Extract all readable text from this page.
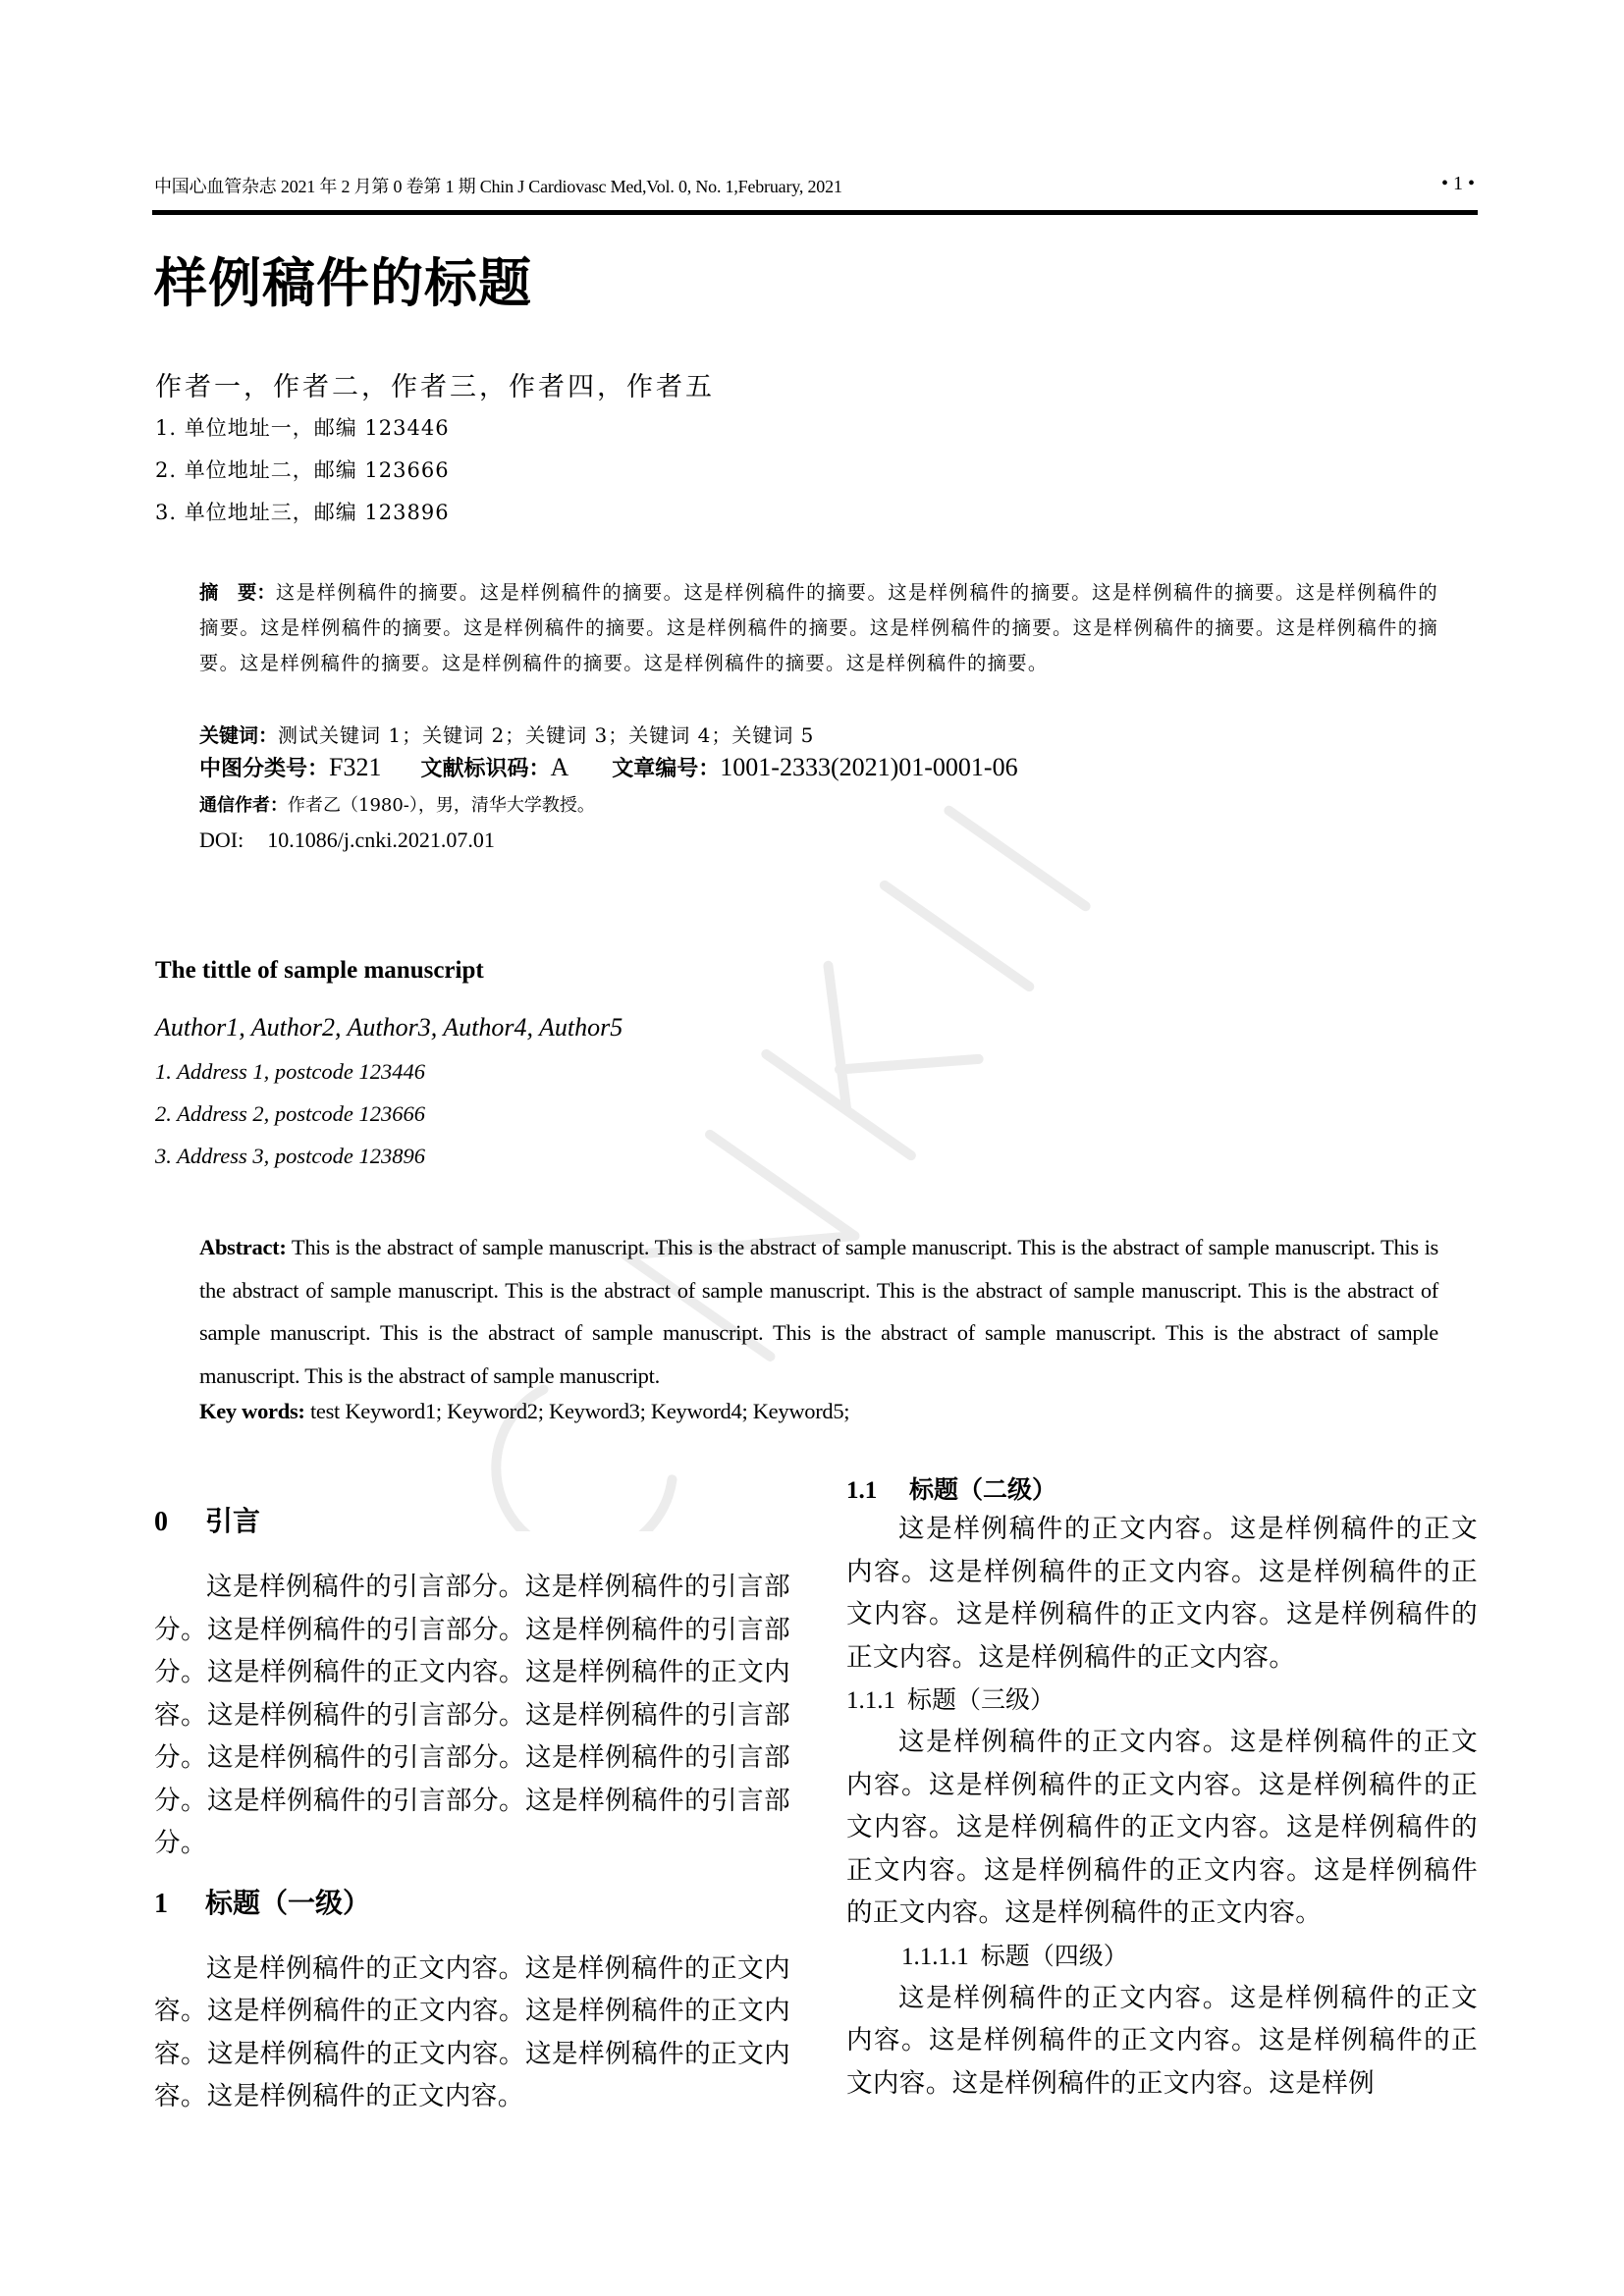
中国心血管杂志 2021 年 2 月第 0 卷第 1 期 Chin J Cardiovasc Med,Vol. 0, No. 1,February, 2021	• 1 •
样例稿件的标题
作者一，作者二，作者三，作者四，作者五
1. 单位地址一，邮编 123446
2. 单位地址二，邮编 123666
3. 单位地址三，邮编 123896
摘　要：这是样例稿件的摘要。这是样例稿件的摘要。这是样例稿件的摘要。这是样例稿件的摘要。这是样例稿件的摘要。这是样例稿件的摘要。这是样例稿件的摘要。这是样例稿件的摘要。这是样例稿件的摘要。这是样例稿件的摘要。这是样例稿件的摘要。这是样例稿件的摘要。这是样例稿件的摘要。这是样例稿件的摘要。这是样例稿件的摘要。这是样例稿件的摘要。
关键词：测试关键词 1；关键词 2；关键词 3；关键词 4；关键词 5
中图分类号：F321 文献标识码：A 文章编号：1001-2333(2021)01-0001-06
通信作者：作者乙（1980-），男，清华大学教授。
DOI: 10.1086/j.cnki.2021.07.01
The tittle of sample manuscript
Author1, Author2, Author3, Author4, Author5
1. Address 1, postcode 123446
2. Address 2, postcode 123666
3. Address 3, postcode 123896
Abstract: This is the abstract of sample manuscript. This is the abstract of sample manuscript. This is the abstract of sample manuscript. This is the abstract of sample manuscript. This is the abstract of sample manuscript. This is the abstract of sample manuscript. This is the abstract of sample manuscript. This is the abstract of sample manuscript. This is the abstract of sample manuscript. This is the abstract of sample manuscript. This is the abstract of sample manuscript.
Key words: test Keyword1; Keyword2; Keyword3; Keyword4; Keyword5;
0 引言
这是样例稿件的引言部分。这是样例稿件的引言部分。这是样例稿件的引言部分。这是样例稿件的引言部分。这是样例稿件的正文内容。这是样例稿件的正文内容。这是样例稿件的引言部分。这是样例稿件的引言部分。这是样例稿件的引言部分。这是样例稿件的引言部分。这是样例稿件的引言部分。这是样例稿件的引言部分。
1 标题（一级）
这是样例稿件的正文内容。这是样例稿件的正文内容。这是样例稿件的正文内容。这是样例稿件的正文内容。这是样例稿件的正文内容。这是样例稿件的正文内容。这是样例稿件的正文内容。
1.1 标题（二级）
这是样例稿件的正文内容。这是样例稿件的正文内容。这是样例稿件的正文内容。这是样例稿件的正文内容。这是样例稿件的正文内容。这是样例稿件的正文内容。这是样例稿件的正文内容。
1.1.1 标题（三级）
这是样例稿件的正文内容。这是样例稿件的正文内容。这是样例稿件的正文内容。这是样例稿件的正文内容。这是样例稿件的正文内容。这是样例稿件的正文内容。这是样例稿件的正文内容。这是样例稿件的正文内容。这是样例稿件的正文内容。
1.1.1.1 标题（四级）
这是样例稿件的正文内容。这是样例稿件的正文内容。这是样例稿件的正文内容。这是样例稿件的正文内容。这是样例稿件的正文内容。这是样例
